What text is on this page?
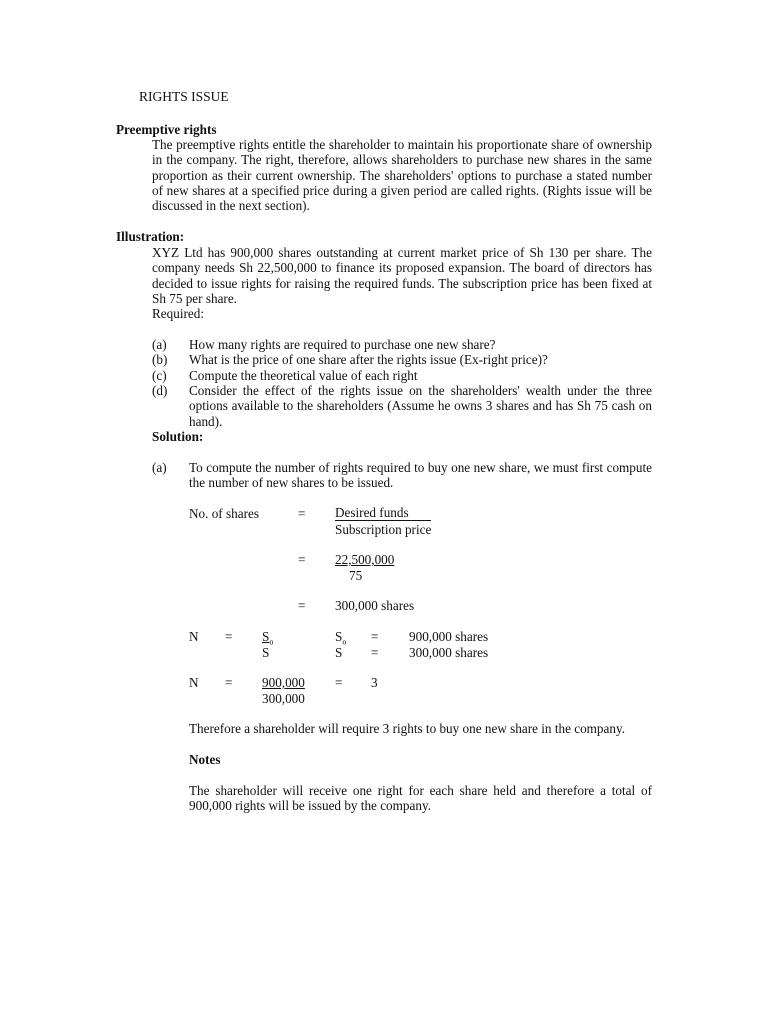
RIGHTS ISSUE
Preemptive rights
The preemptive rights entitle the shareholder to maintain his proportionate share of ownership in the company. The right, therefore, allows shareholders to purchase new shares in the same proportion as their current ownership. The shareholders' options to purchase a stated number of new shares at a specified price during a given period are called rights. (Rights issue will be discussed in the next section).
Illustration:
XYZ Ltd has 900,000 shares outstanding at current market price of Sh 130 per share. The company needs Sh 22,500,000 to finance its proposed expansion. The board of directors has decided to issue rights for raising the required funds. The subscription price has been fixed at Sh 75 per share.
Required:
(a) How many rights are required to purchase one new share?
(b) What is the price of one share after the rights issue (Ex-right price)?
(c) Compute the theoretical value of each right
(d) Consider the effect of the rights issue on the shareholders' wealth under the three options available to the shareholders (Assume he owns 3 shares and has Sh 75 cash on hand).
Solution:
(a) To compute the number of rights required to buy one new share, we must first compute the number of new shares to be issued.
No. of shares	= Desired funds
Subscription price
= 22,500,000
75
= 300,000 shares
$N = S_o$
S
$S_o = 900,000$ shares
S = 300,000 shares
N = 900,000
300,000
= 3
Therefore a shareholder will require 3 rights to buy one new share in the company.
Notes
The shareholder will receive one right for each share held and therefore a total of 900,000 rights will be issued by the company.
